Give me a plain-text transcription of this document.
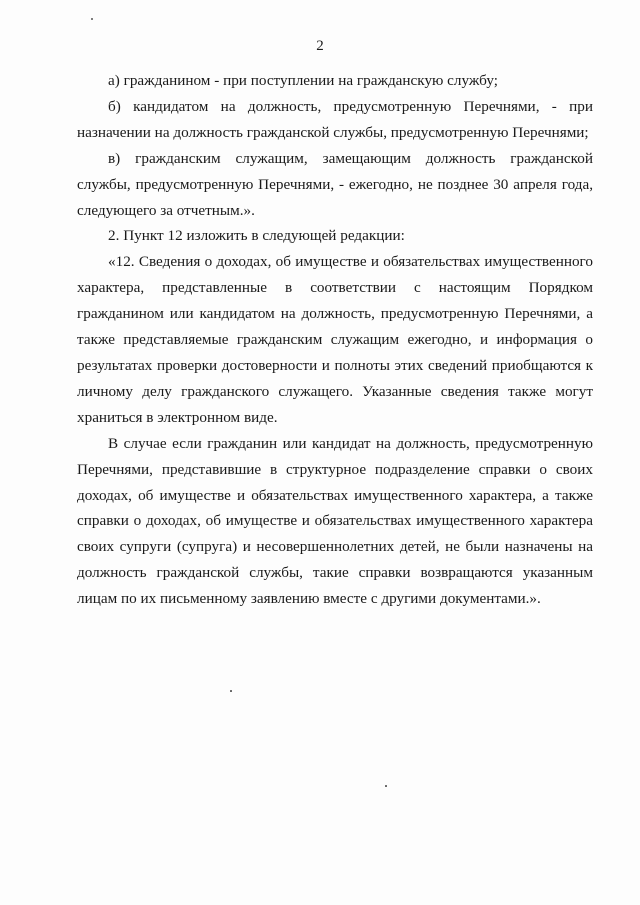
2

а) гражданином - при поступлении на гражданскую службу;

б) кандидатом на должность, предусмотренную Перечнями, - при назначении на должность гражданской службы, предусмотренную Перечнями;

в) гражданским служащим, замещающим должность гражданской службы, предусмотренную Перечнями, - ежегодно, не позднее 30 апреля года, следующего за отчетным.».

2. Пункт 12 изложить в следующей редакции:

«12. Сведения о доходах, об имуществе и обязательствах имущественного характера, представленные в соответствии с настоящим Порядком гражданином или кандидатом на должность, предусмотренную Перечнями, а также представляемые гражданским служащим ежегодно, и информация о результатах проверки достоверности и полноты этих сведений приобщаются к личному делу гражданского служащего. Указанные сведения также могут храниться в электронном виде.

В случае если гражданин или кандидат на должность, предусмотренную Перечнями, представившие в структурное подразделение справки о своих доходах, об имуществе и обязательствах имущественного характера, а также справки о доходах, об имуществе и обязательствах имущественного характера своих супруги (супруга) и несовершеннолетних детей, не были назначены на должность гражданской службы, такие справки возвращаются указанным лицам по их письменному заявлению вместе с другими документами.».
